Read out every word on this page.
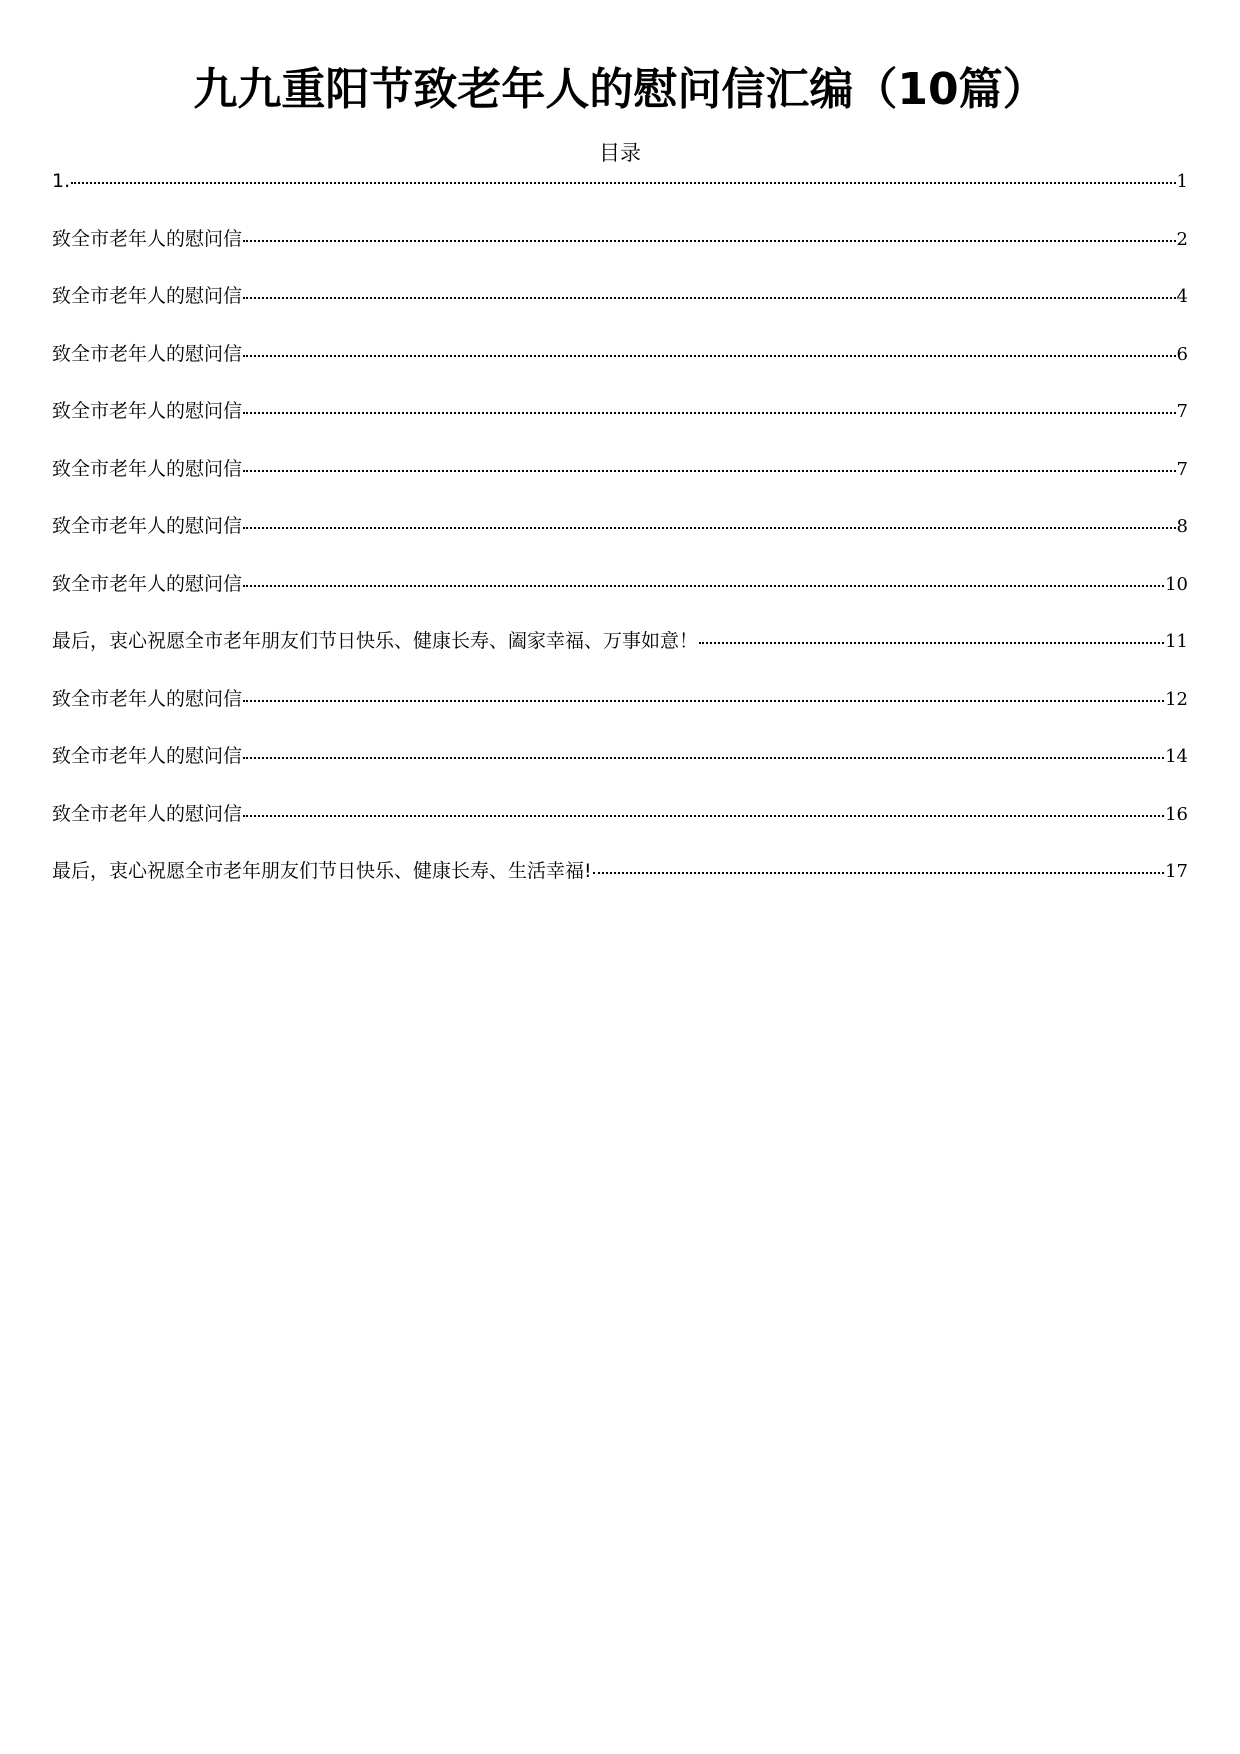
九九重阳节致老年人的慰问信汇编（10篇）
目录
1.	1
致全市老年人的慰问信	2
致全市老年人的慰问信	4
致全市老年人的慰问信	6
致全市老年人的慰问信	7
致全市老年人的慰问信	7
致全市老年人的慰问信	8
致全市老年人的慰问信	10
最后，衷心祝愿全市老年朋友们节日快乐、健康长寿、阖家幸福、万事如意！	11
致全市老年人的慰问信	12
致全市老年人的慰问信	14
致全市老年人的慰问信	16
最后，衷心祝愿全市老年朋友们节日快乐、健康长寿、生活幸福!	17
